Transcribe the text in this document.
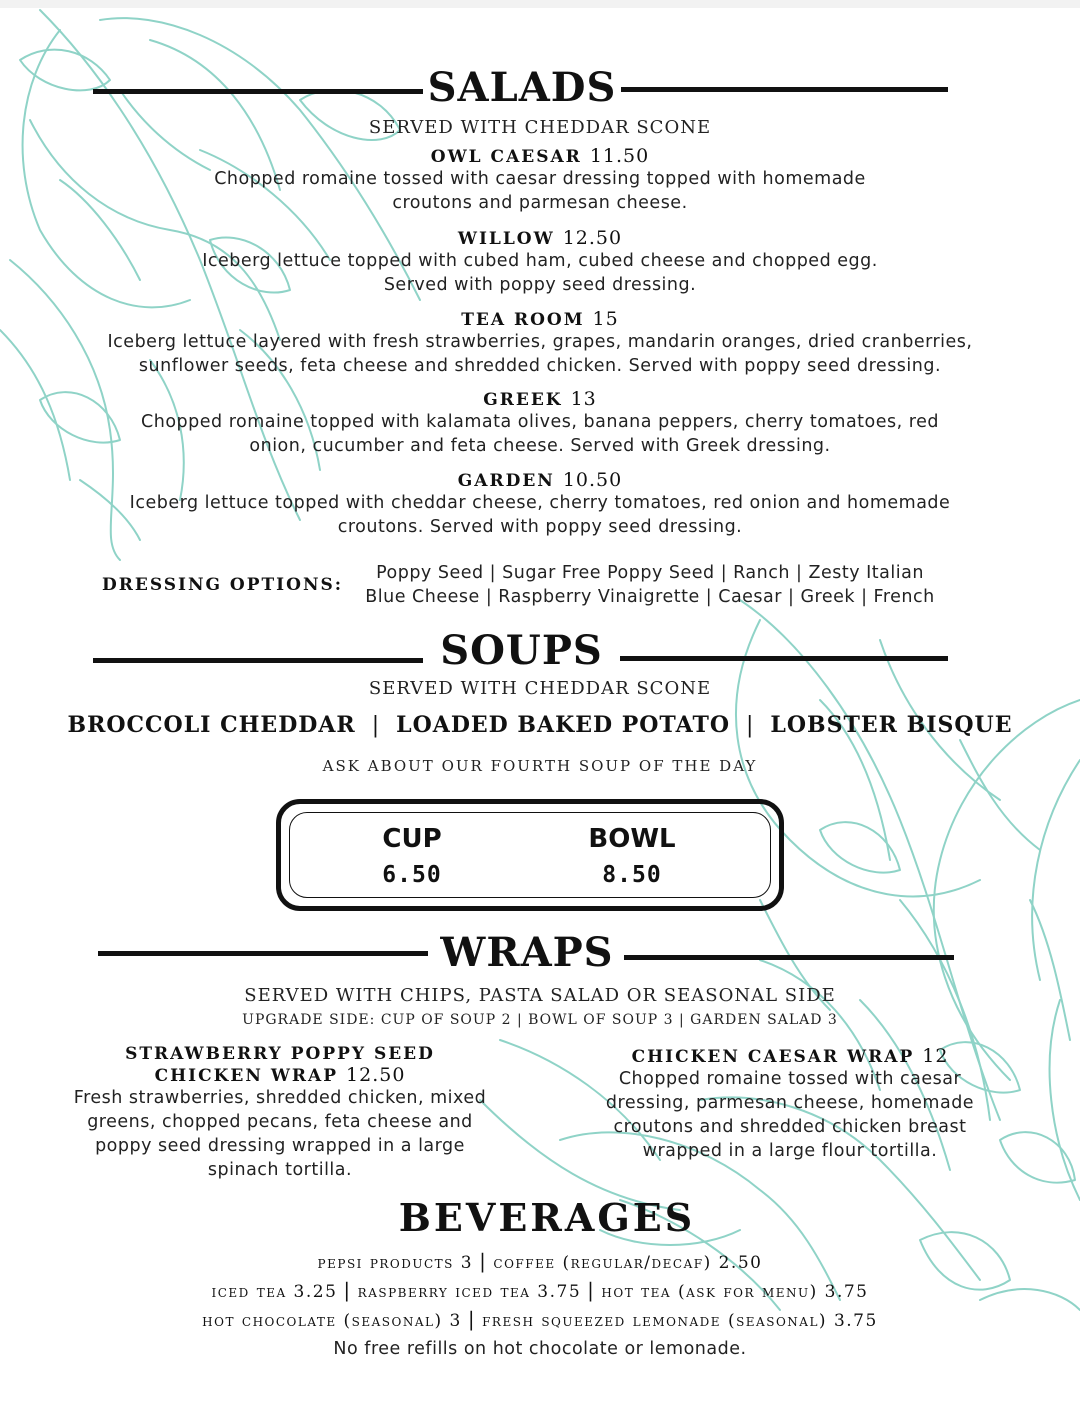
SALADS
SERVED WITH CHEDDAR SCONE
OWL CAESAR 11.50
Chopped romaine tossed with caesar dressing topped with homemade
croutons and parmesan cheese.
WILLOW 12.50
Iceberg lettuce topped with cubed ham, cubed cheese and chopped egg.
Served with poppy seed dressing.
TEA ROOM 15
Iceberg lettuce layered with fresh strawberries, grapes, mandarin oranges, dried cranberries,
sunflower seeds, feta cheese and shredded chicken. Served with poppy seed dressing.
GREEK 13
Chopped romaine topped with kalamata olives, banana peppers, cherry tomatoes, red
onion, cucumber and feta cheese. Served with Greek dressing.
GARDEN 10.50
Iceberg lettuce topped with cheddar cheese, cherry tomatoes, red onion and homemade
croutons. Served with poppy seed dressing.
DRESSING OPTIONS:
Poppy Seed | Sugar Free Poppy Seed | Ranch | Zesty Italian
Blue Cheese | Raspberry Vinaigrette | Caesar | Greek | French
SOUPS
SERVED WITH CHEDDAR SCONE
BROCCOLI CHEDDAR | LOADED BAKED POTATO | LOBSTER BISQUE
ASK ABOUT OUR FOURTH SOUP OF THE DAY
CUP
6.50
BOWL
8.50
WRAPS
SERVED WITH CHIPS, PASTA SALAD OR SEASONAL SIDE
UPGRADE SIDE: CUP OF SOUP 2 | BOWL OF SOUP 3 | GARDEN SALAD 3
STRAWBERRY POPPY SEED
CHICKEN WRAP 12.50
Fresh strawberries, shredded chicken, mixed
greens, chopped pecans, feta cheese and
poppy seed dressing wrapped in a large
spinach tortilla.
CHICKEN CAESAR WRAP 12
Chopped romaine tossed with caesar
dressing, parmesan cheese, homemade
croutons and shredded chicken breast
wrapped in a large flour tortilla.
BEVERAGES
pepsi products 3 | coffee (regular/decaf) 2.50
iced tea 3.25 | raspberry iced tea 3.75 | hot tea (ask for menu) 3.75
hot chocolate (seasonal) 3 | fresh squeezed lemonade (seasonal) 3.75
No free refills on hot chocolate or lemonade.
